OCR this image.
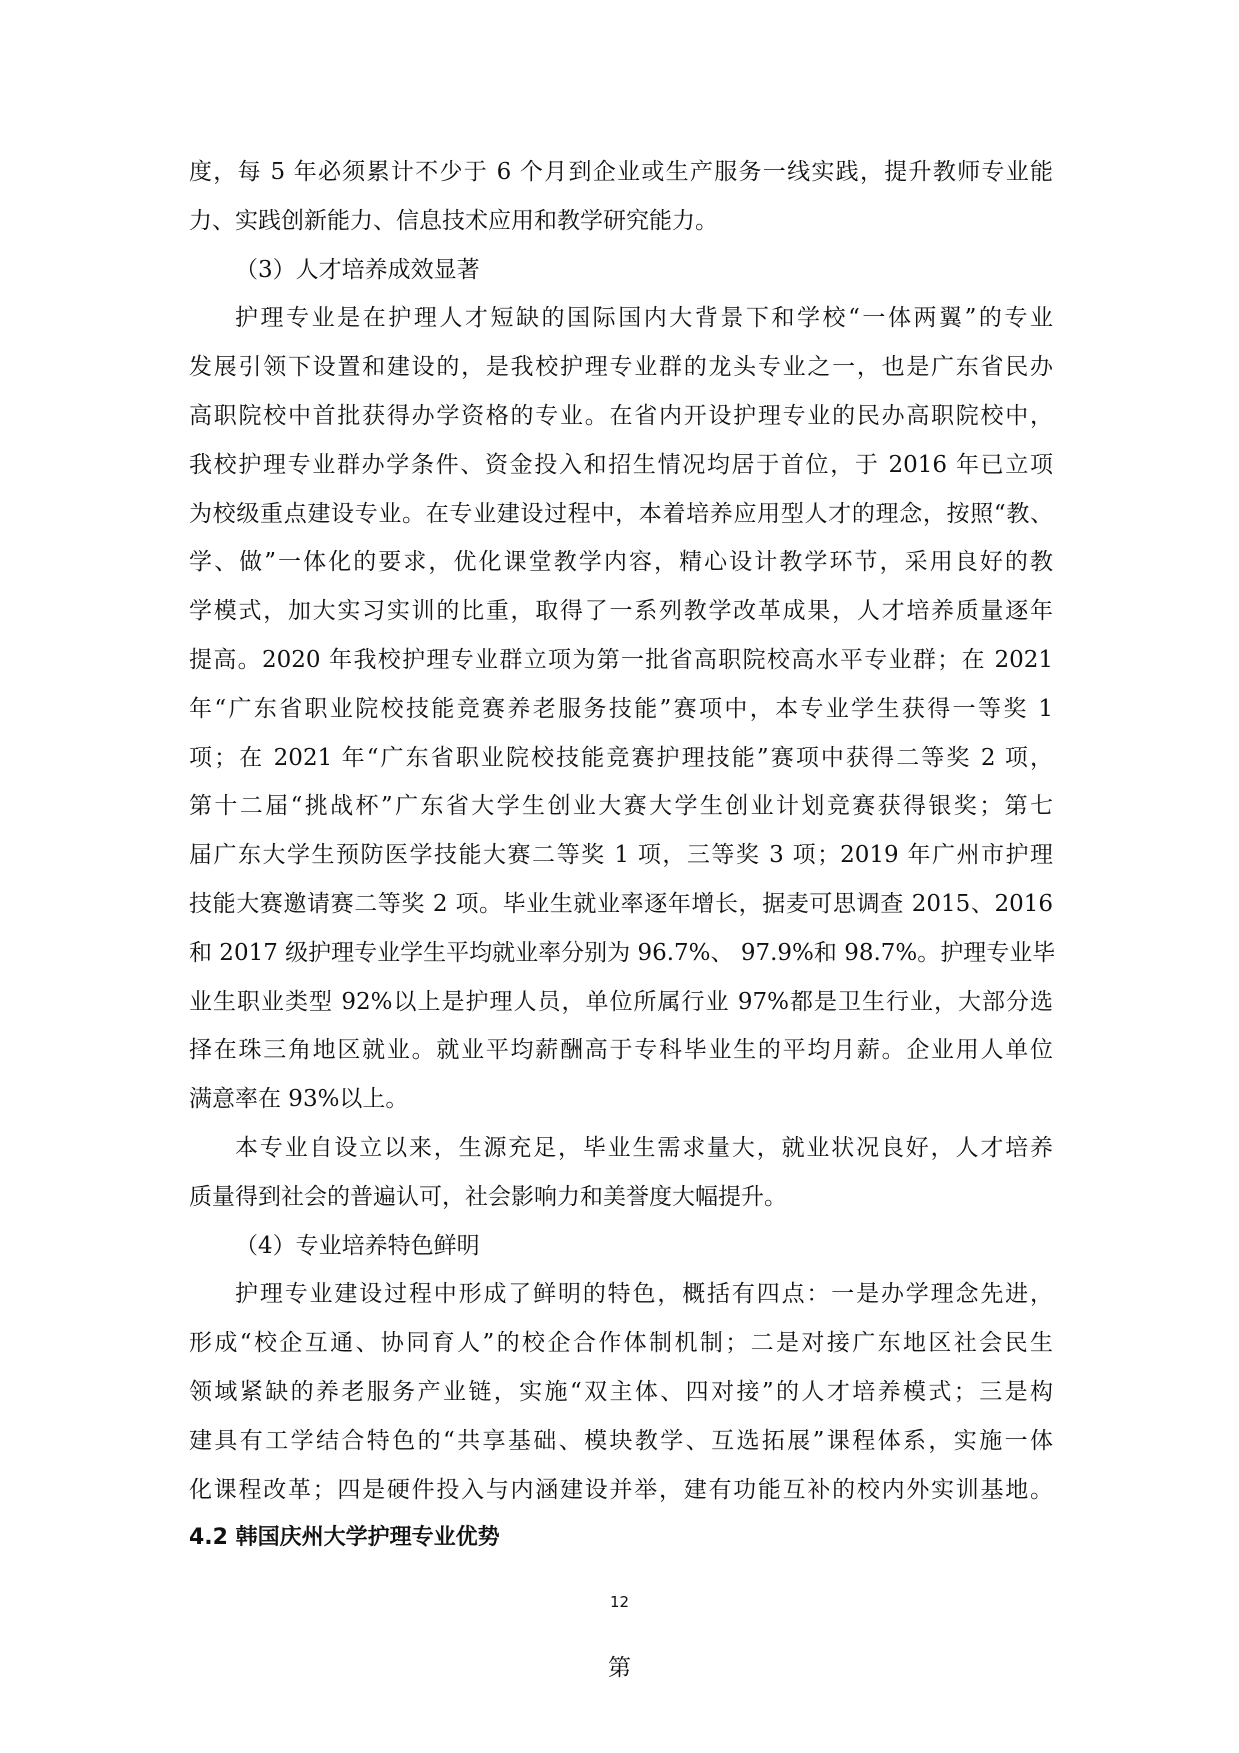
度，每 5 年必须累计不少于 6 个月到企业或生产服务一线实践，提升教师专业能
力、实践创新能力、信息技术应用和教学研究能力。

（3）人才培养成效显著

护理专业是在护理人才短缺的国际国内大背景下和学校“一体两翼”的专业
发展引领下设置和建设的，是我校护理专业群的龙头专业之一，也是广东省民办
高职院校中首批获得办学资格的专业。在省内开设护理专业的民办高职院校中，
我校护理专业群办学条件、资金投入和招生情况均居于首位，于 2016 年已立项
为校级重点建设专业。在专业建设过程中，本着培养应用型人才的理念，按照“教、
学、做”一体化的要求，优化课堂教学内容，精心设计教学环节，采用良好的教
学模式，加大实习实训的比重，取得了一系列教学改革成果，人才培养质量逐年
提高。2020 年我校护理专业群立项为第一批省高职院校高水平专业群；在 2021
年“广东省职业院校技能竞赛养老服务技能”赛项中，本专业学生获得一等奖 1
项；在 2021 年“广东省职业院校技能竞赛护理技能”赛项中获得二等奖 2 项，
第十二届“挑战杯”广东省大学生创业大赛大学生创业计划竞赛获得银奖；第七
届广东大学生预防医学技能大赛二等奖 1 项，三等奖 3 项；2019 年广州市护理
技能大赛邀请赛二等奖 2 项。毕业生就业率逐年增长，据麦可思调查 2015、2016
和 2017 级护理专业学生平均就业率分别为 96.7%、 97.9%和 98.7%。护理专业毕
业生职业类型 92%以上是护理人员，单位所属行业 97%都是卫生行业，大部分选
择在珠三角地区就业。就业平均薪酬高于专科毕业生的平均月薪。企业用人单位
满意率在 93%以上。

本专业自设立以来，生源充足，毕业生需求量大，就业状况良好，人才培养
质量得到社会的普遍认可，社会影响力和美誉度大幅提升。

（4）专业培养特色鲜明

护理专业建设过程中形成了鲜明的特色，概括有四点：一是办学理念先进，
形成“校企互通、协同育人”的校企合作体制机制；二是对接广东地区社会民生
领域紧缺的养老服务产业链，实施“双主体、四对接”的人才培养模式；三是构
建具有工学结合特色的“共享基础、模块教学、互选拓展”课程体系，实施一体
化课程改革；四是硬件投入与内涵建设并举，建有功能互补的校内外实训基地。

4.2 韩国庆州大学护理专业优势

12
第
